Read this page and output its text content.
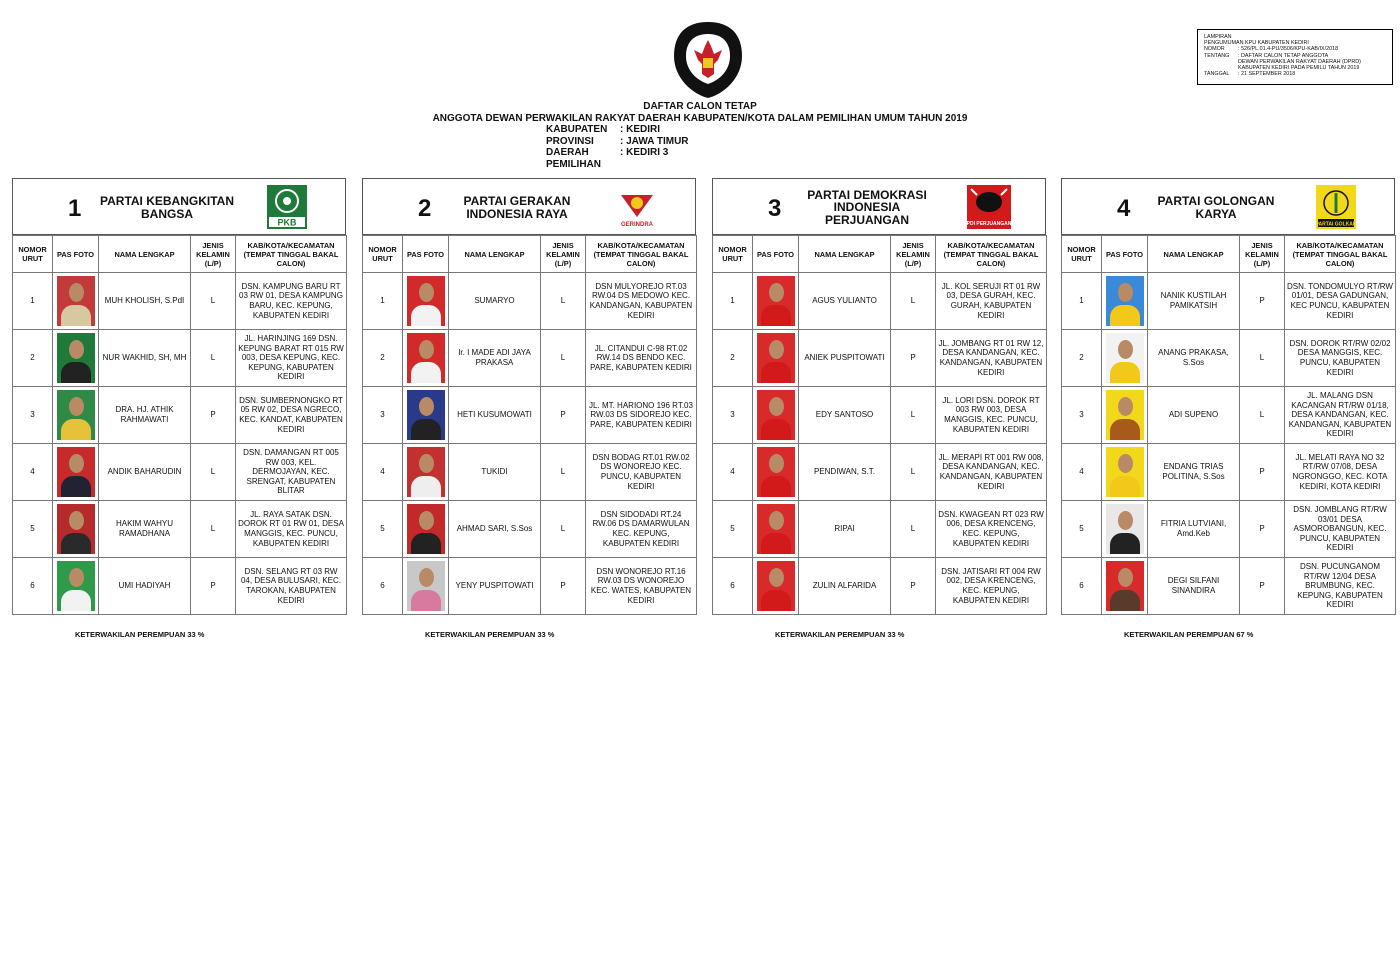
DAFTAR CALON TETAP
ANGGOTA DEWAN PERWAKILAN RAKYAT DAERAH KABUPATEN/KOTA DALAM PEMILIHAN UMUM TAHUN 2019
KABUPATEN	: KEDIRI
PROVINSI	: JAWA TIMUR
DAERAH PEMILIHAN
: KEDIRI 3
LAMPIRAN
PENGUMUMAN KPU KABUPATEN KEDIRI
NOMOR	: 526/PL.01.4-PU/3506/KPU-KAB/IX/2018
TENTANG	: DAFTAR CALON TETAP ANGGOTA
DEWAN PERWAKILAN RAKYAT DAERAH (DPRD)
KABUPATEN KEDIRI PADA PEMILU TAHUN 2019
TANGGAL	: 21 SEPTEMBER 2018
1 PARTAI KEBANGKITAN BANGSA
PKB
NOMOR URUT	PAS FOTO	NAMA LENGKAP	JENIS KELAMIN (L/P)	KAB/KOTA/KECAMATAN (TEMPAT TINGGAL BAKAL CALON)
1		MUH KHOLISH, S.PdI	L	DSN. KAMPUNG BARU RT 03 RW 01, DESA KAMPUNG BARU, KEC. KEPUNG, KABUPATEN KEDIRI
2		NUR WAKHID, SH, MH	L	JL. HARINJING 169 DSN. KEPUNG BARAT RT 015 RW 003, DESA KEPUNG, KEC. KEPUNG, KABUPATEN KEDIRI
3		DRA. HJ. ATHIK RAHMAWATI	P	DSN. SUMBERNONGKO RT 05 RW 02, DESA NGRECO, KEC. KANDAT, KABUPATEN KEDIRI
4		ANDIK BAHARUDIN	L	DSN. DAMANGAN RT 005 RW 003, KEL. DERMOJAYAN, KEC. SRENGAT, KABUPATEN BLITAR
5		HAKIM WAHYU RAMADHANA	L	JL. RAYA SATAK DSN. DOROK RT 01 RW 01, DESA MANGGIS, KEC. PUNCU, KABUPATEN KEDIRI
6		UMI HADIYAH	P	DSN. SELANG RT 03 RW 04, DESA BULUSARI, KEC. TAROKAN, KABUPATEN KEDIRI
KETERWAKILAN PEREMPUAN 33 %
2	PARTAI GERAKAN INDONESIA RAYA
GERINDRA
NOMOR URUT	PAS FOTO	NAMA LENGKAP	JENIS KELAMIN (L/P)	KAB/KOTA/KECAMATAN (TEMPAT TINGGAL BAKAL CALON)
1		SUMARYO	L	DSN MULYOREJO RT.03 RW.04 DS MEDOWO KEC. KANDANGAN, KABUPATEN KEDIRI
2		Ir. I MADE ADI JAYA PRAKASA	L	JL. CITANDUI C-98 RT.02 RW.14 DS BENDO KEC. PARE, KABUPATEN KEDIRI
3		HETI KUSUMOWATI	P	JL. MT. HARIONO 196 RT.03 RW.03 DS SIDOREJO KEC. PARE, KABUPATEN KEDIRI
4		TUKIDI	L	DSN BODAG RT.01 RW.02 DS WONOREJO KEC. PUNCU, KABUPATEN KEDIRI
5		AHMAD SARI, S.Sos	L	DSN SIDODADI RT.24 RW.06 DS DAMARWULAN KEC. KEPUNG, KABUPATEN KEDIRI
6		YENY PUSPITOWATI	P	DSN WONOREJO RT.16 RW.03 DS WONOREJO KEC. WATES, KABUPATEN KEDIRI
KETERWAKILAN PEREMPUAN 33 %
3
PARTAI DEMOKRASI INDONESIA PERJUANGAN	PDI PERJUANGAN
NOMOR URUT	PAS FOTO	NAMA LENGKAP	JENIS KELAMIN (L/P)	KAB/KOTA/KECAMATAN (TEMPAT TINGGAL BAKAL CALON)
1		AGUS YULIANTO	L	JL. KOL SERUJI RT 01 RW 03, DESA GURAH, KEC. GURAH, KABUPATEN KEDIRI
2		ANIEK PUSPITOWATI	P	JL. JOMBANG RT 01 RW 12, DESA KANDANGAN, KEC. KANDANGAN, KABUPATEN KEDIRI
3		EDY SANTOSO	L	JL. LORI DSN. DOROK RT 003 RW 003, DESA MANGGIS, KEC. PUNCU, KABUPATEN KEDIRI
4		PENDIWAN, S.T.	L	JL. MERAPI RT 001 RW 008, DESA KANDANGAN, KEC. KANDANGAN, KABUPATEN KEDIRI
5		RIPAI	L	DSN. KWAGEAN RT 023 RW 006, DESA KRENCENG, KEC. KEPUNG, KABUPATEN KEDIRI
6		ZULIN ALFARIDA	P	DSN. JATISARI RT 004 RW 002, DESA KRENCENG, KEC. KEPUNG, KABUPATEN KEDIRI
KETERWAKILAN PEREMPUAN 33 %
4	PARTAI GOLONGAN KARYA
PARTAI GOLKAR
NOMOR URUT	PAS FOTO	NAMA LENGKAP	JENIS KELAMIN (L/P)	KAB/KOTA/KECAMATAN (TEMPAT TINGGAL BAKAL CALON)
1		NANIK KUSTILAH PAMIKATSIH	P	DSN. TONDOMULYO RT/RW 01/01, DESA GADUNGAN, KEC PUNCU, KABUPATEN KEDIRI
2		ANANG PRAKASA, S.Sos	L	DSN. DOROK RT/RW 02/02 DESA MANGGIS, KEC. PUNCU, KABUPATEN KEDIRI
3		ADI SUPENO	L	JL. MALANG DSN KACANGAN RT/RW 01/18, DESA KANDANGAN, KEC. KANDANGAN, KABUPATEN KEDIRI
4		ENDANG TRIAS POLITINA, S.Sos	P	JL. MELATI RAYA NO 32 RT/RW 07/08, DESA NGRONGGO, KEC. KOTA KEDIRI, KOTA KEDIRI
5		FITRIA LUTVIANI, Amd.Keb	P	DSN. JOMBLANG RT/RW 03/01 DESA ASMOROBANGUN, KEC. PUNCU, KABUPATEN KEDIRI
6		DEGI SILFANI SINANDIRA	P	DSN. PUCUNGANOM RT/RW 12/04 DESA BRUMBUNG, KEC. KEPUNG, KABUPATEN KEDIRI
KETERWAKILAN PEREMPUAN 67 %
